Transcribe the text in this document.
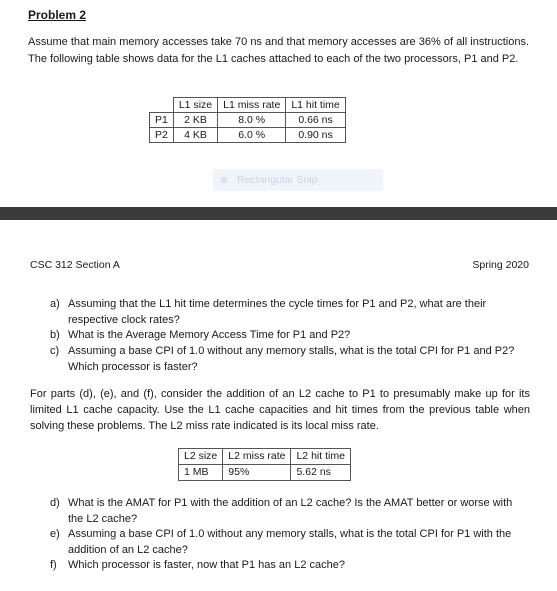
Problem 2
Assume that main memory accesses take 70 ns and that memory accesses are 36% of all instructions. The following table shows data for the L1 caches attached to each of the two processors, P1 and P2.
	L1 size	L1 miss rate	L1 hit time
P1	2 KB	8.0 %	0.66 ns
P2	4 KB	6.0 %	0.90 ns
Rectangular Snip
CSC 312 Section A	Spring 2020
a) Assuming that the L1 hit time determines the cycle times for P1 and P2, what are their respective clock rates?
b) What is the Average Memory Access Time for P1 and P2?
c) Assuming a base CPI of 1.0 without any memory stalls, what is the total CPI for P1 and P2? Which processor is faster?
For parts (d), (e), and (f), consider the addition of an L2 cache to P1 to presumably make up for its limited L1 cache capacity. Use the L1 cache capacities and hit times from the previous table when solving these problems. The L2 miss rate indicated is its local miss rate.
L2 size	L2 miss rate	L2 hit time
1 MB	95%	5.62 ns
d) What is the AMAT for P1 with the addition of an L2 cache? Is the AMAT better or worse with the L2 cache?
e) Assuming a base CPI of 1.0 without any memory stalls, what is the total CPI for P1 with the addition of an L2 cache?
f) Which processor is faster, now that P1 has an L2 cache?
